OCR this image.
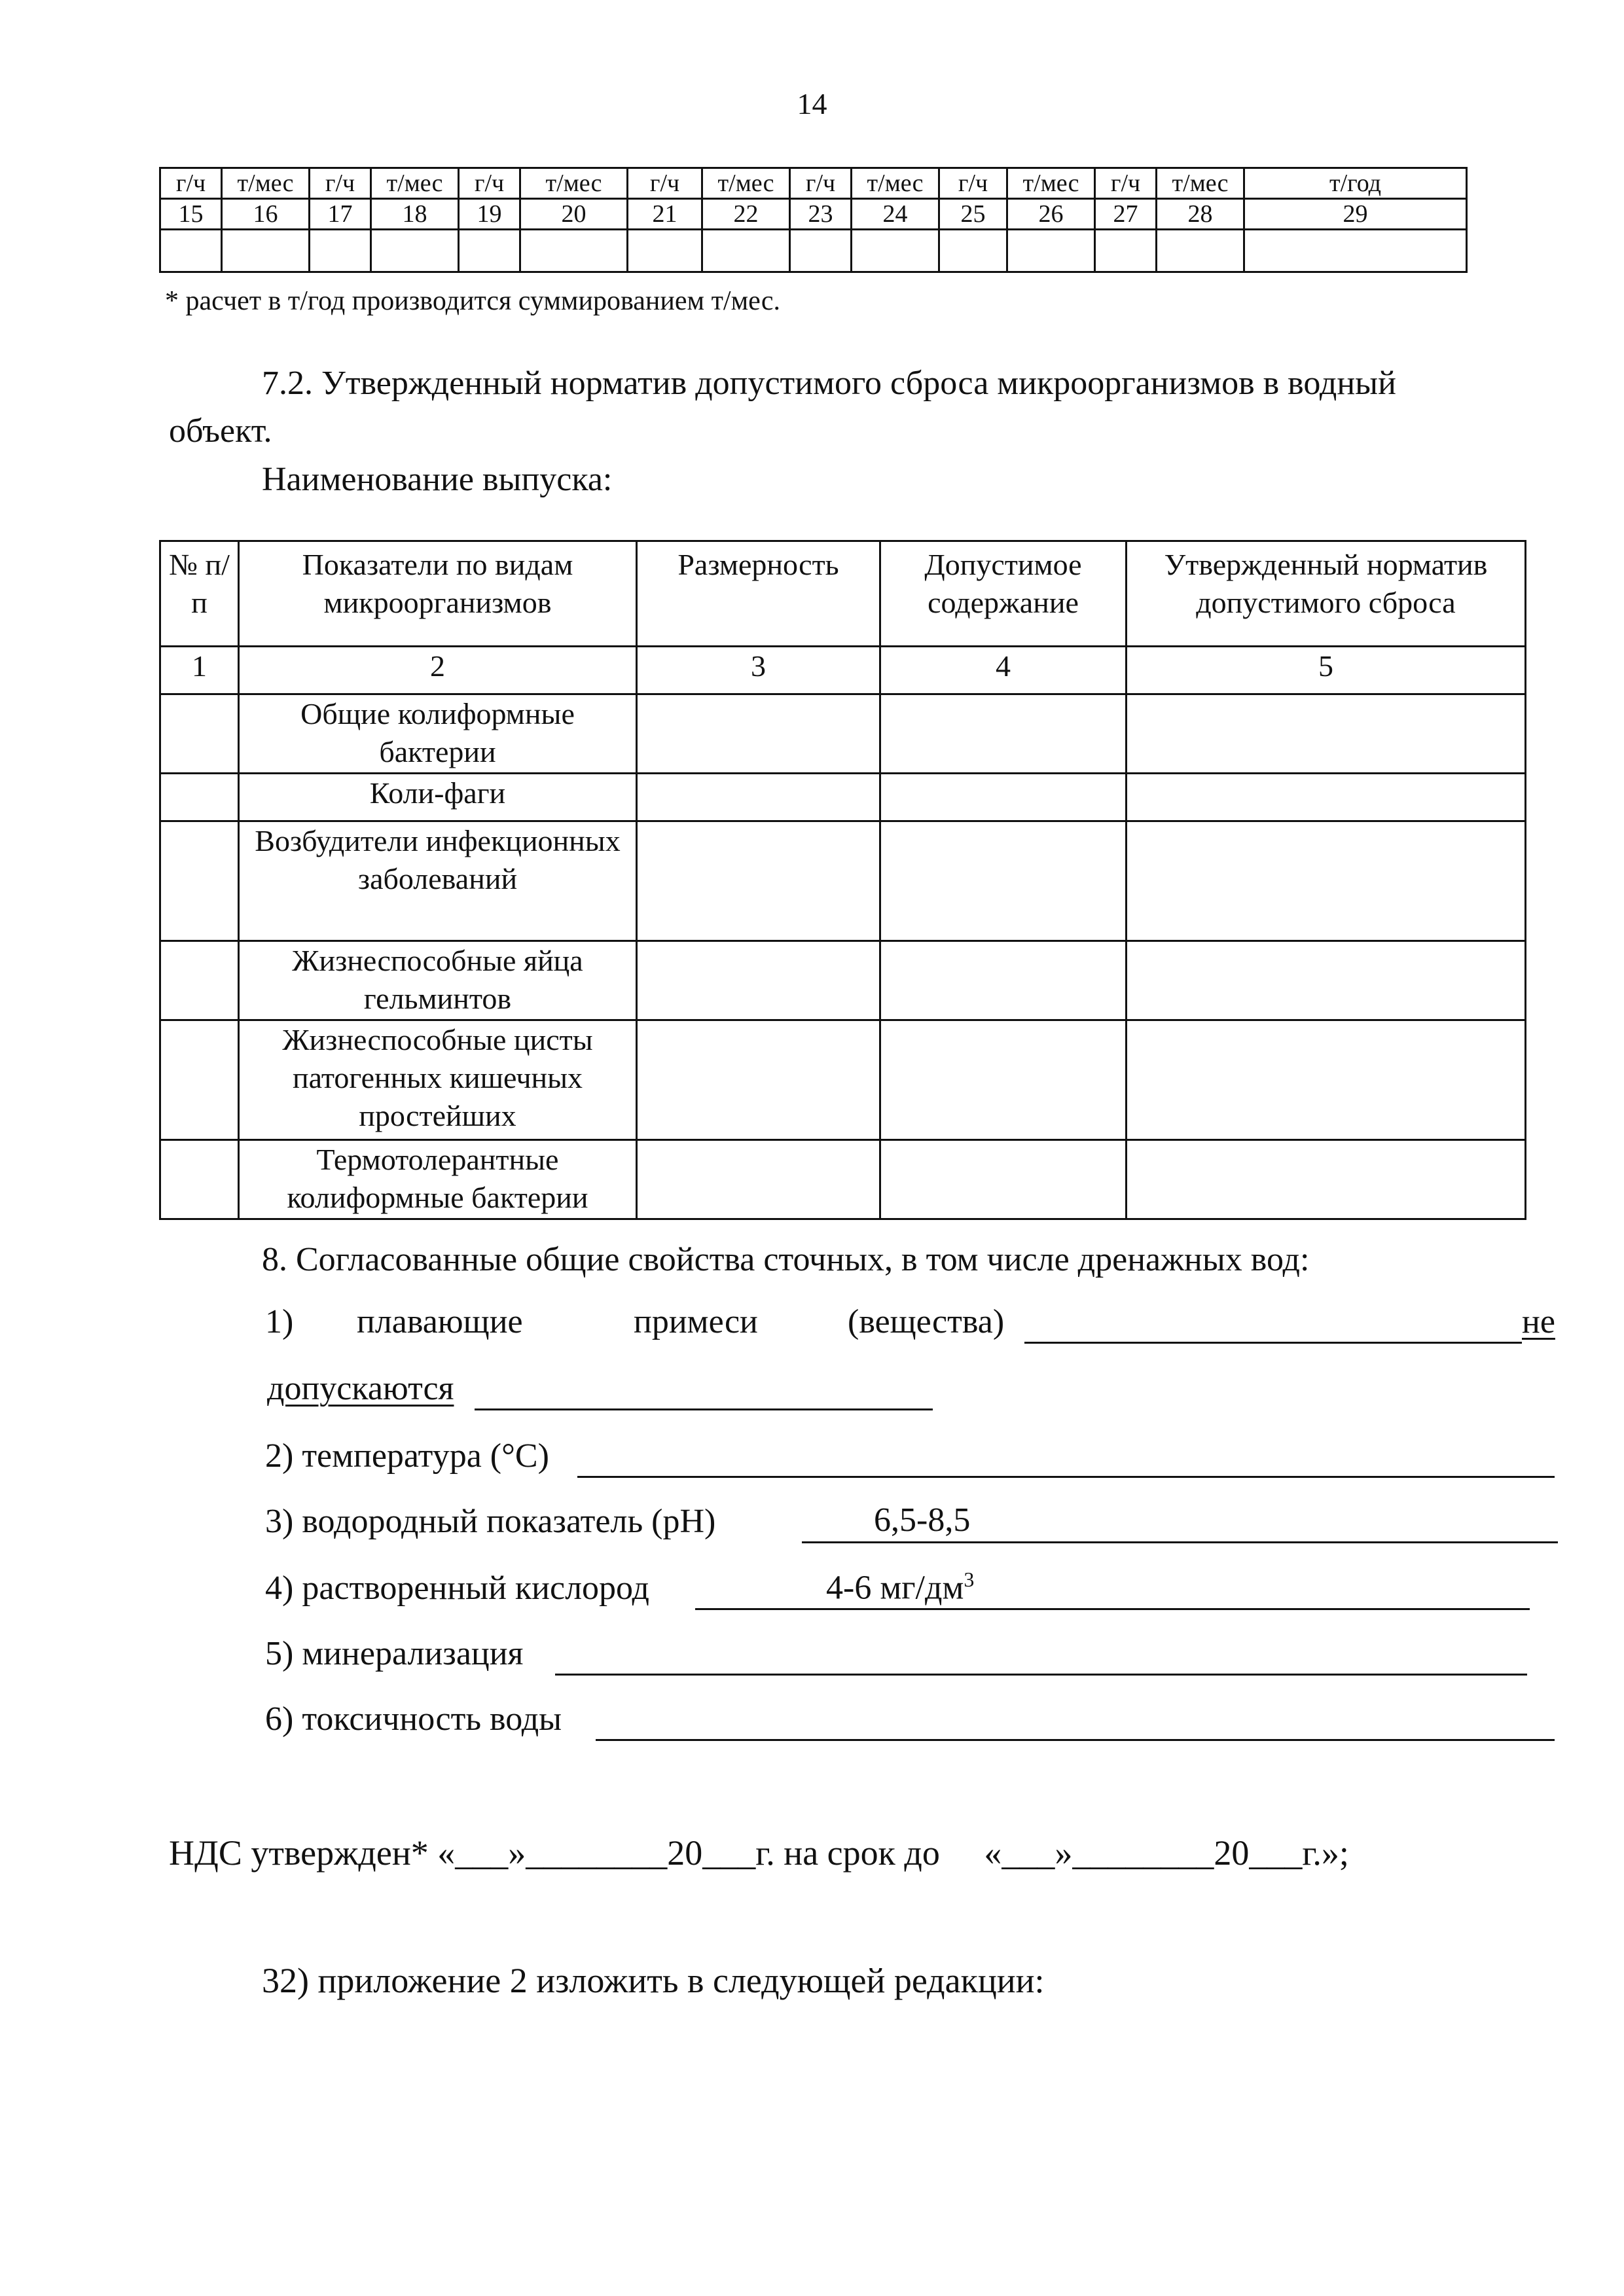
14
г/ч	т/мес	г/ч	т/мес	г/ч	т/мес	г/ч	т/мес	г/ч	т/мес	г/ч	т/мес	г/ч	т/мес	т/год
15	16	17	18	19	20	21	22	23	24	25	26	27	28	29

* расчет в т/год производится суммированием т/мес.
7.2. Утвержденный норматив допустимого сброса микроорганизмов в водный
объект.
Наименование выпуска:
№ п/п	Показатели по видам микроорганизмов	Размерность	Допустимое содержание	Утвержденный норматив допустимого сброса
1	2	3	4	5
	Общие колиформные бактерии			
	Коли-фаги			
	Возбудители инфекционных заболеваний			
	Жизнеспособные яйца гельминтов			
	Жизнеспособные цисты патогенных кишечных простейших			
	Термотолерантные колиформные бактерии			
8. Согласованные общие свойства сточных, в том числе дренажных вод:
1) плавающие	примеси	(вещества)	не
допускаются
2) температура (°С)
3) водородный показатель (рН)	6,5-8,5
4) растворенный кислород	4-6 $мг/дм^3$
5) минерализация
6) токсичность воды
НДС утвержден* «___»________20___г. на срок до     «___»________20___г.»;
32) приложение 2 изложить в следующей редакции:
